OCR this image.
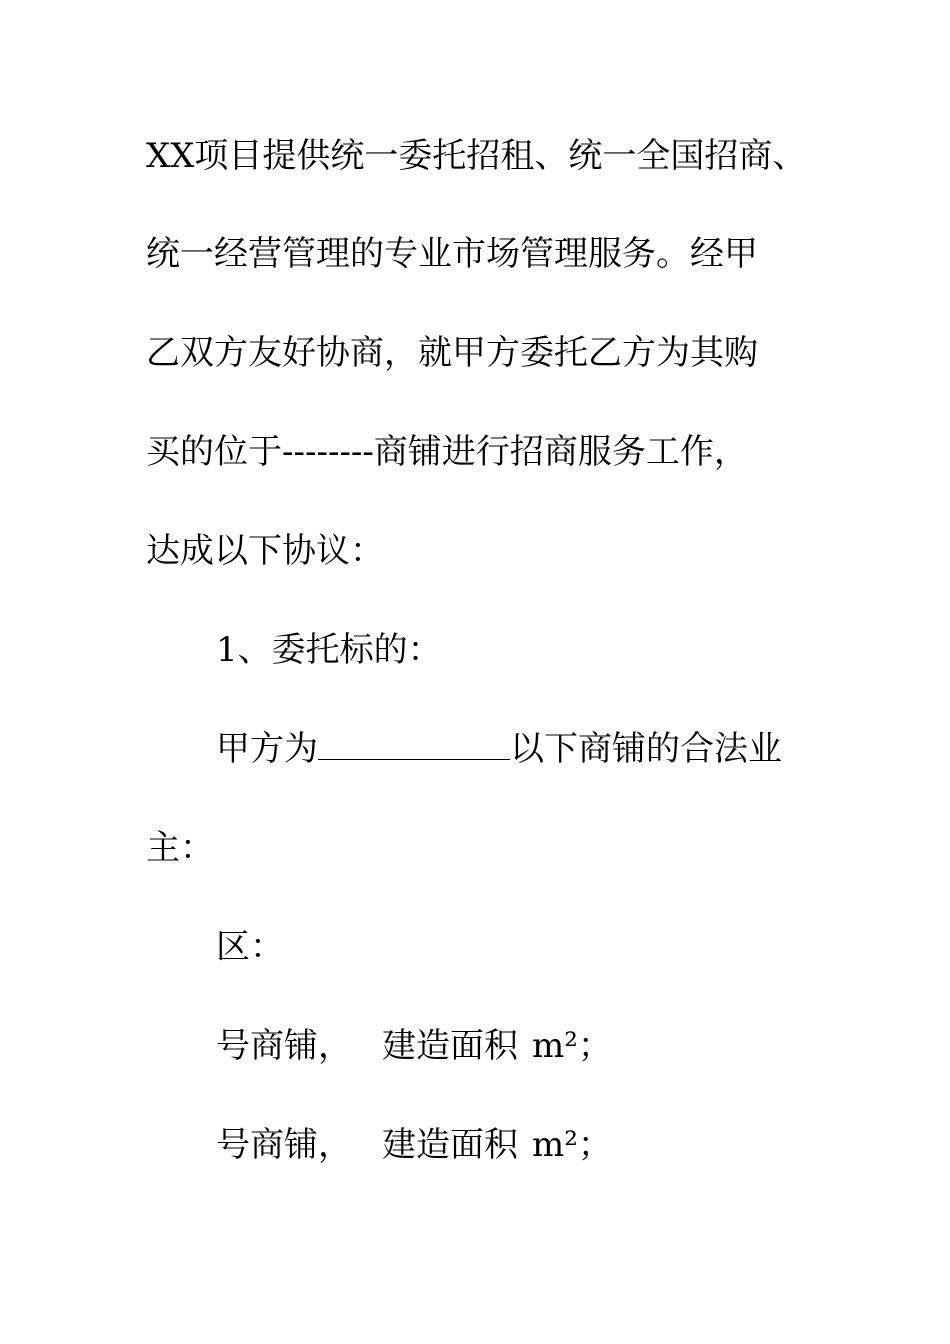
XX项目提供统一委托招租、统一全国招商、
统一经营管理的专业市场管理服务。经甲
乙双方友好协商，就甲方委托乙方为其购
买的位于--------商铺进行招商服务工作，
达成以下协议：
1、委托标的：
甲方为	以下商铺的合法业
主：
区：
号商铺， 建造面积 m²；
号商铺， 建造面积 m²；
